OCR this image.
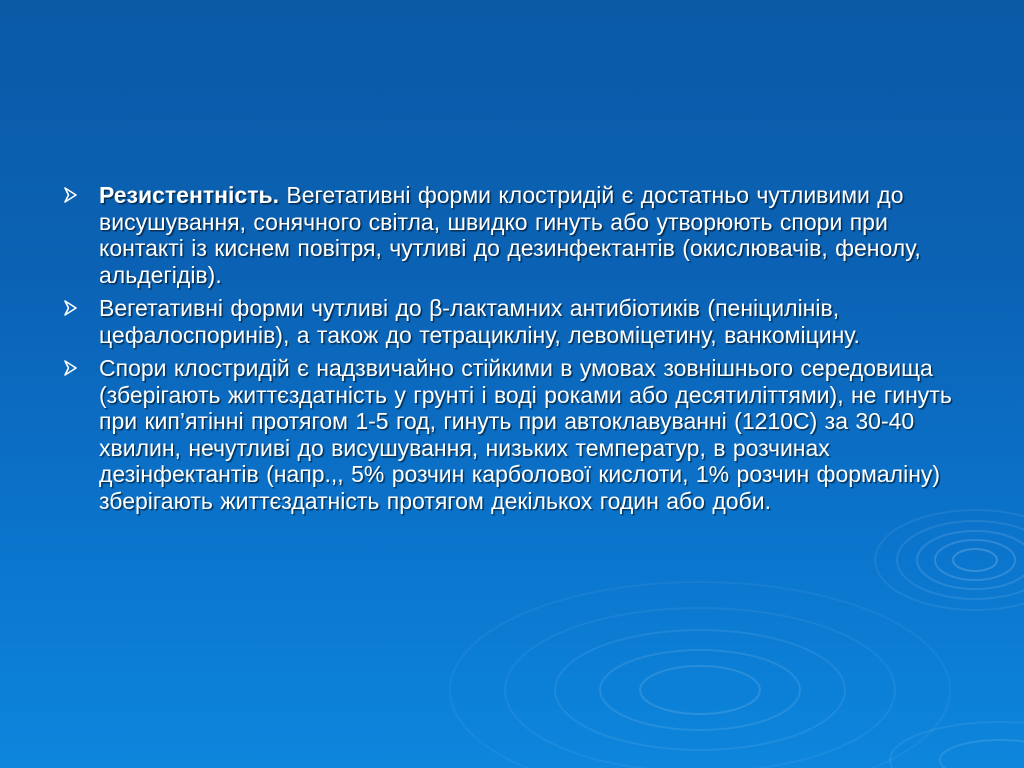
Резистентність. Вегетативні форми клостридій є достатньо чутливими до висушування, сонячного світла, швидко гинуть або утворюють спори при контакті із киснем повітря, чутливі до дезинфектантів (окислювачів, фенолу, альдегідів).
Вегетативні форми чутливі до β-лактамних антибіотиків (пеніцилінів, цефалоспоринів), а також до тетрацикліну, левоміцетину, ванкоміцину.
Спори клостридій є надзвичайно стійкими в умовах зовнішнього середовища (зберігають життєздатність у грунті і воді роками або десятиліттями), не гинуть при кип’ятінні протягом 1-5 год, гинуть при автоклавуванні (1210С) за 30-40 хвилин, нечутливі до висушування, низьких температур, в розчинах дезінфектантів (напр.,, 5% розчин карболової кислоти, 1% розчин формаліну) зберігають життєздатність протягом декількох годин або доби.
